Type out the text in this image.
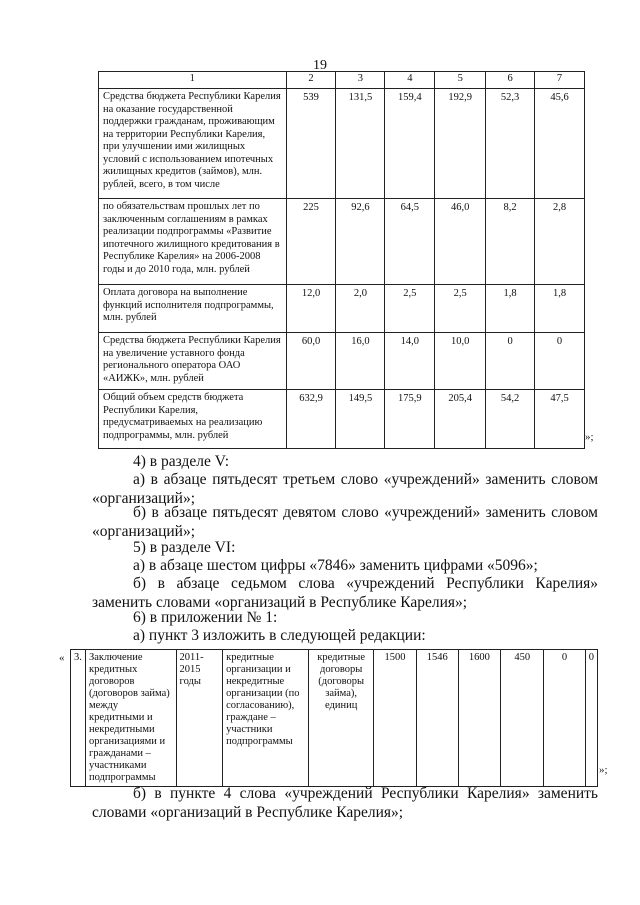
19
1	2	3	4	5	6	7
Средства бюджета Республики Карелия на оказание государственной поддержки гражданам, проживающим на территории Республики Карелия, при улучшении ими жилищных условий с использованием ипотечных жилищных кредитов (займов), млн. рублей, всего, в том числе	539	131,5	159,4	192,9	52,3	45,6
по обязательствам прошлых лет по заключенным соглашениям в рамках реализации подпрограммы «Развитие ипотечного жилищного кредитования в Республике Карелия» на 2006-2008 годы и до 2010 года, млн. рублей	225	92,6	64,5	46,0	8,2	2,8
Оплата договора на выполнение функций исполнителя подпрограммы, млн. рублей	12,0	2,0	2,5	2,5	1,8	1,8
Средства бюджета Республики Карелия на увеличение уставного фонда регионального оператора ОАО «АИЖК», млн. рублей	60,0	16,0	14,0	10,0	0	0
Общий объем средств бюджета Республики Карелия, предусматриваемых на реализацию подпрограммы, млн. рублей	632,9	149,5	175,9	205,4	54,2	47,5
»;
4) в разделе V:
а) в абзаце пятьдесят третьем слово «учреждений» заменить словом «организаций»;
б) в абзаце пятьдесят девятом слово «учреждений» заменить словом «организаций»;
5) в разделе VI:
а) в абзаце шестом цифры «7846» заменить цифрами «5096»;
б) в абзаце седьмом слова «учреждений Республики Карелия» заменить словами «организаций в Республике Карелия»;
6) в приложении № 1:
а) пункт 3 изложить в следующей редакции:
« 3.	Заключение кредитных договоров (договоров займа) между кредитными и некредитными организациями и гражданами – участниками подпрограммы	2011-2015 годы	кредитные организации и некредитные организации (по согласованию), граждане – участники подпрограммы	кредитные договоры (договоры займа), единиц	1500	1546	1600	450	0	0
»;
б) в пункте 4 слова «учреждений Республики Карелия» заменить словами «организаций в Республике Карелия»;
